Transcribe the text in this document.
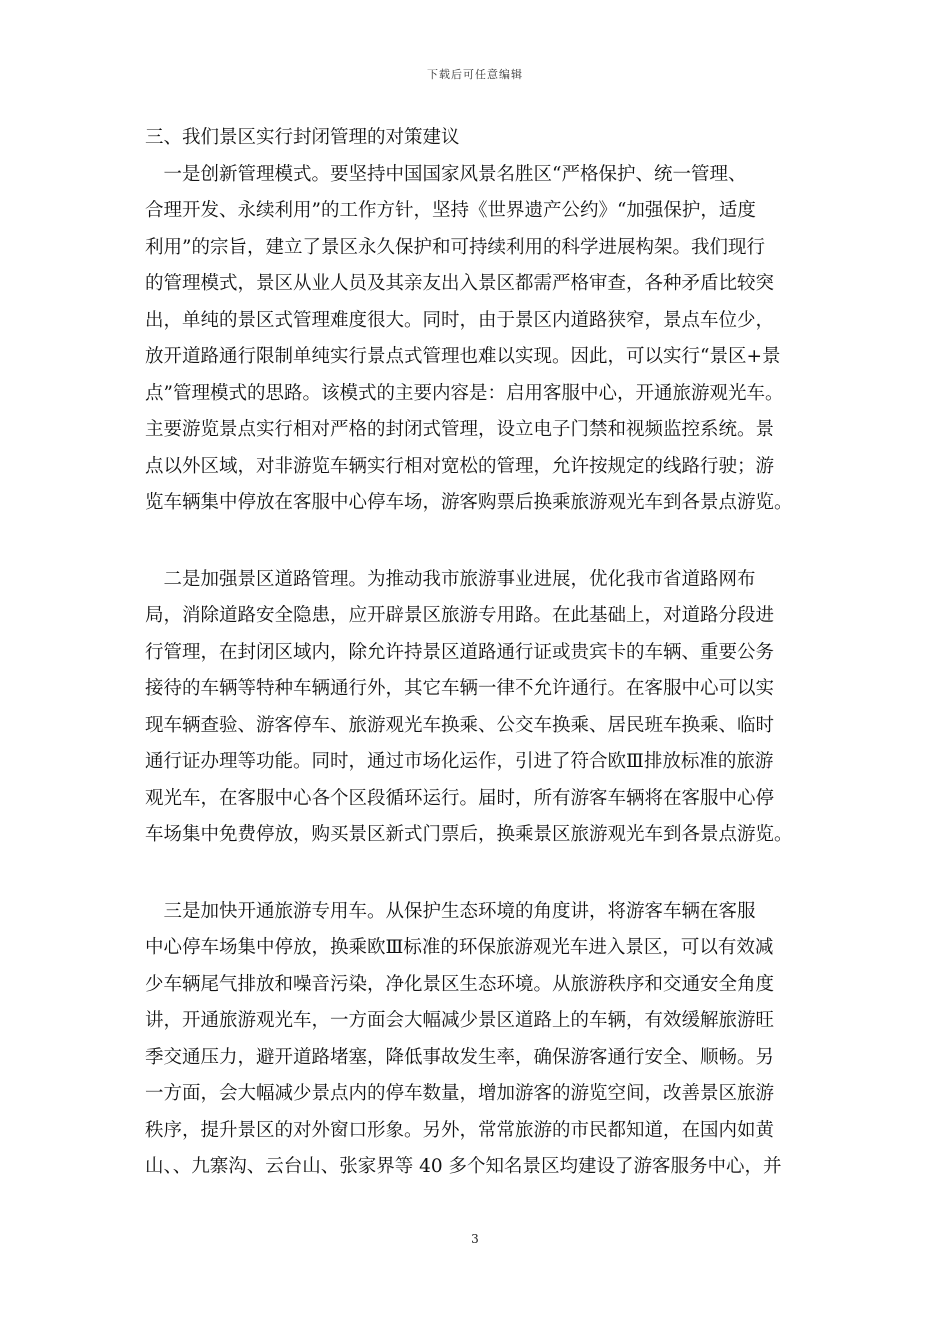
下载后可任意编辑
三、我们景区实行封闭管理的对策建议
　一是创新管理模式。要坚持中国国家风景名胜区“严格保护、统一管理、
合理开发、永续利用”的工作方针，坚持《世界遗产公约》“加强保护，适度
利用”的宗旨，建立了景区永久保护和可持续利用的科学进展构架。我们现行
的管理模式，景区从业人员及其亲友出入景区都需严格审查，各种矛盾比较突
出，单纯的景区式管理难度很大。同时，由于景区内道路狭窄，景点车位少，
放开道路通行限制单纯实行景点式管理也难以实现。因此，可以实行“景区+景
点”管理模式的思路。该模式的主要内容是：启用客服中心，开通旅游观光车。
主要游览景点实行相对严格的封闭式管理，设立电子门禁和视频监控系统。景
点以外区域，对非游览车辆实行相对宽松的管理，允许按规定的线路行驶；游
览车辆集中停放在客服中心停车场，游客购票后换乘旅游观光车到各景点游览。
　二是加强景区道路管理。为推动我市旅游事业进展，优化我市省道路网布
局，消除道路安全隐患，应开辟景区旅游专用路。在此基础上，对道路分段进
行管理，在封闭区域内，除允许持景区道路通行证或贵宾卡的车辆、重要公务
接待的车辆等特种车辆通行外，其它车辆一律不允许通行。在客服中心可以实
现车辆查验、游客停车、旅游观光车换乘、公交车换乘、居民班车换乘、临时
通行证办理等功能。同时，通过市场化运作，引进了符合欧Ⅲ排放标准的旅游
观光车，在客服中心各个区段循环运行。届时，所有游客车辆将在客服中心停
车场集中免费停放，购买景区新式门票后，换乘景区旅游观光车到各景点游览。
　三是加快开通旅游专用车。从保护生态环境的角度讲，将游客车辆在客服
中心停车场集中停放，换乘欧Ⅲ标准的环保旅游观光车进入景区，可以有效减
少车辆尾气排放和噪音污染，净化景区生态环境。从旅游秩序和交通安全角度
讲，开通旅游观光车，一方面会大幅减少景区道路上的车辆，有效缓解旅游旺
季交通压力，避开道路堵塞，降低事故发生率，确保游客通行安全、顺畅。另
一方面，会大幅减少景点内的停车数量，增加游客的游览空间，改善景区旅游
秩序，提升景区的对外窗口形象。另外，常常旅游的市民都知道，在国内如黄
山、、九寨沟、云台山、张家界等 40 多个知名景区均建设了游客服务中心，并
3
